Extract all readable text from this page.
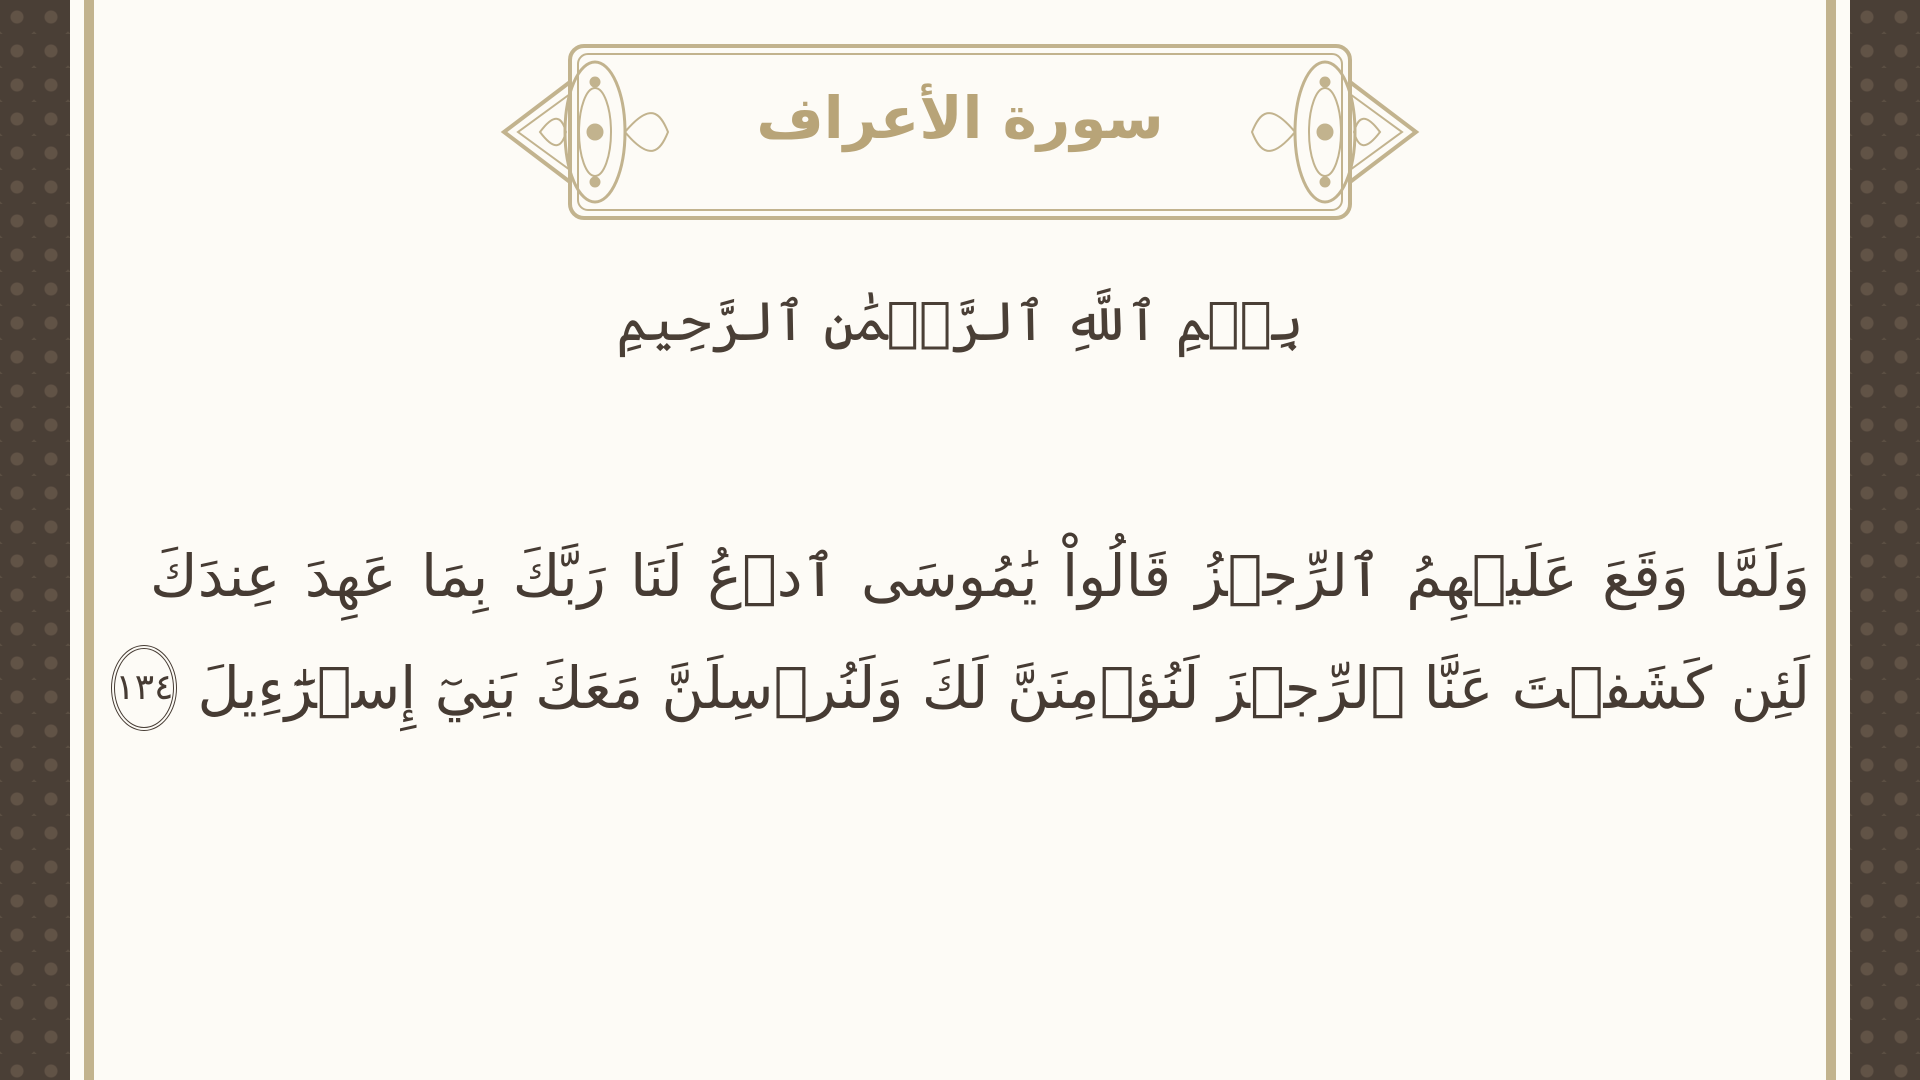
سورة الأعراف
بِسۡمِ ٱللَّهِ ٱلرَّحۡمَٰنِ ٱلرَّحِيمِ
وَلَمَّا وَقَعَ عَلَيۡهِمُ ٱلرِّجۡزُ قَالُواْ يَٰمُوسَى ٱدۡعُ لَنَا رَبَّكَ بِمَا عَهِدَ عِندَكَ
لَئِن كَشَفۡتَ عَنَّا ٱلرِّجۡزَ لَنُؤۡمِنَنَّ لَكَ وَلَنُرۡسِلَنَّ مَعَكَ بَنِيٓ إِسۡرَٰٓءِيلَ
١٣٤
